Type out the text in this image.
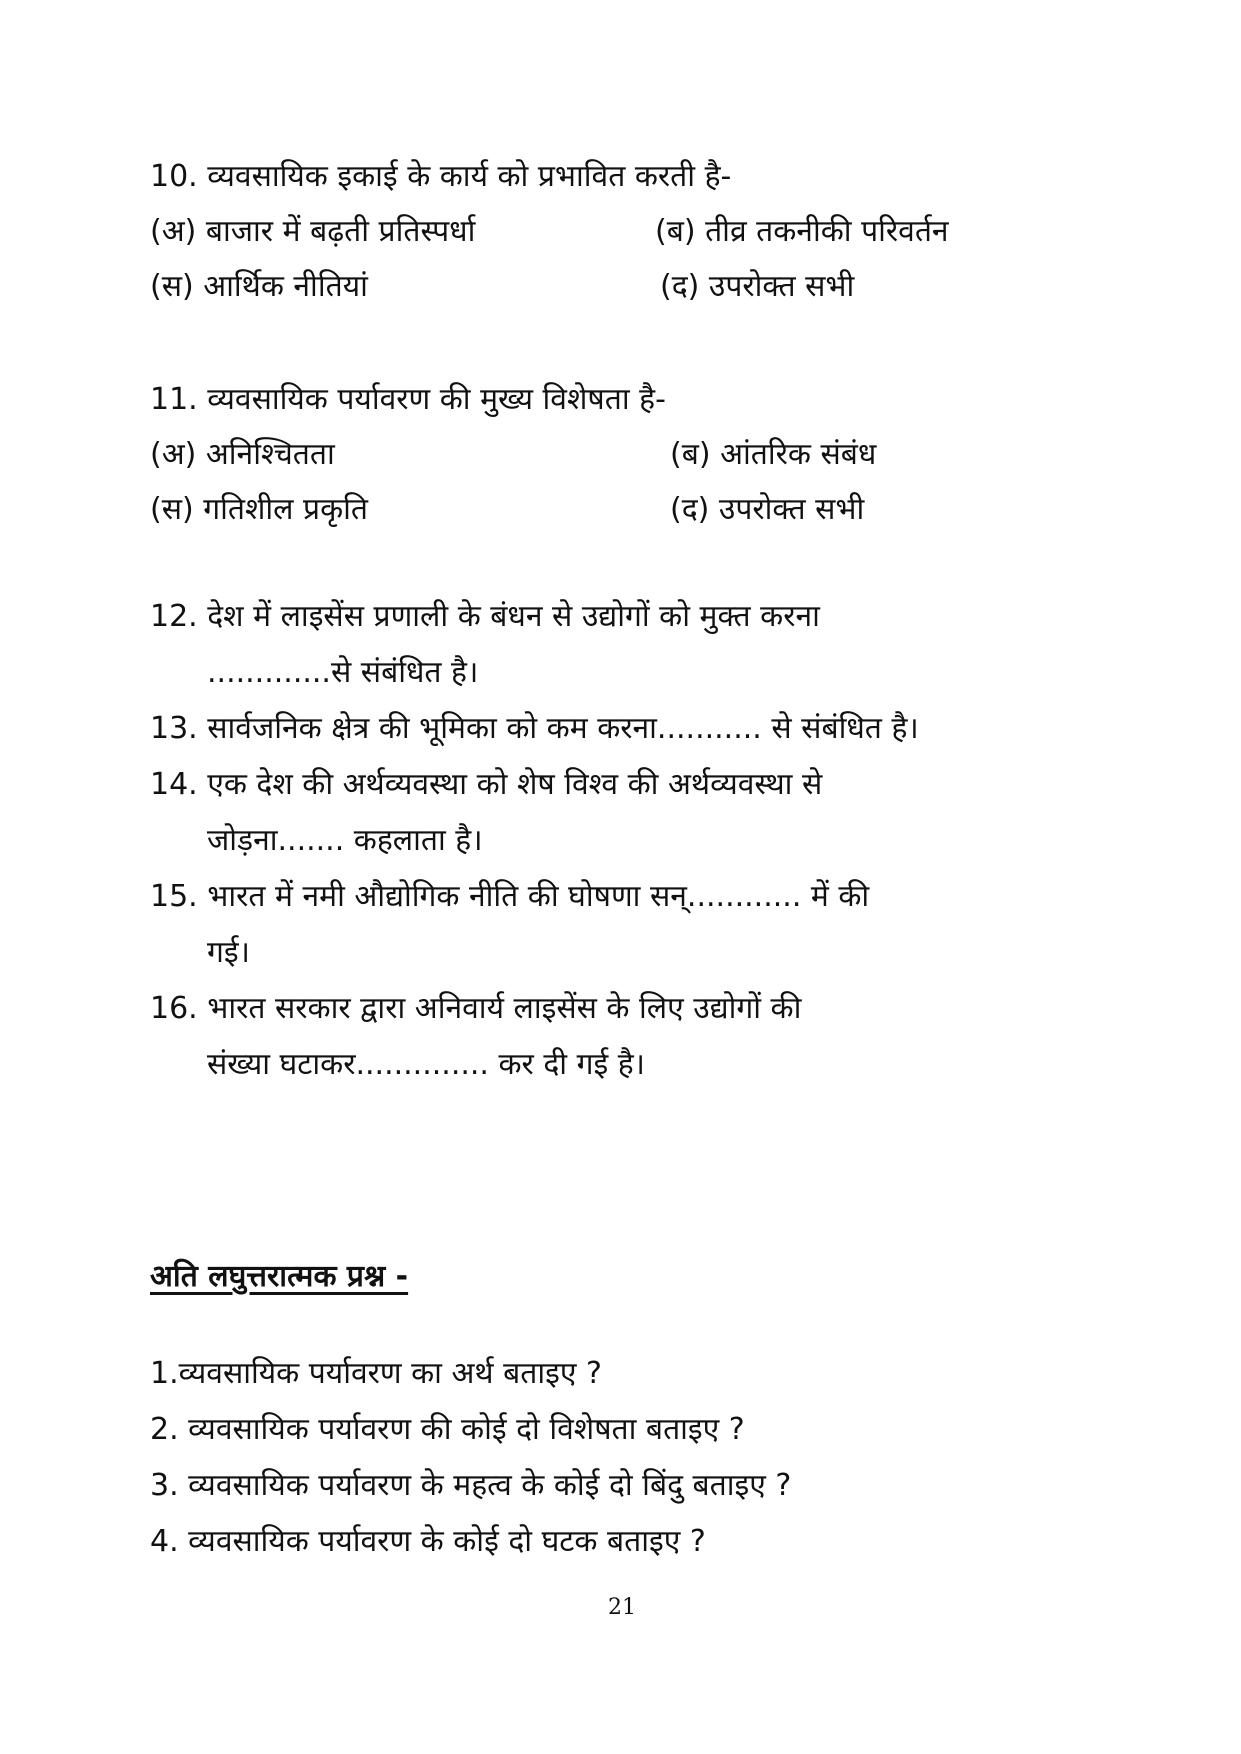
10. व्यवसायिक इकाई के कार्य को प्रभावित करती है-
(अ) बाजार में बढ़ती प्रतिस्पर्धा	(ब) तीव्र तकनीकी परिवर्तन
(स) आर्थिक नीतियां	(द) उपरोक्त सभी
11. व्यवसायिक पर्यावरण की मुख्य विशेषता है-
(अ) अनिश्चितता	(ब) आंतरिक संबंध
(स) गतिशील प्रकृति	(द) उपरोक्त सभी
12. देश में लाइसेंस प्रणाली के बंधन से उद्योगों को मुक्त करना
.............से संबंधित है।
13. सार्वजनिक क्षेत्र की भूमिका को कम करना........... से संबंधित है।
14. एक देश की अर्थव्यवस्था को शेष विश्व की अर्थव्यवस्था से
जोड़ना....... कहलाता है।
15. भारत में नमी औद्योगिक नीति की घोषणा सन्............ में की
गई।
16. भारत सरकार द्वारा अनिवार्य लाइसेंस के लिए उद्योगों की
संख्या घटाकर.............. कर दी गई है।
अति लघुत्तरात्मक प्रश्न -
1.व्यवसायिक पर्यावरण का अर्थ बताइए ?
2. व्यवसायिक पर्यावरण की कोई दो विशेषता बताइए ?
3. व्यवसायिक पर्यावरण के महत्व के कोई दो बिंदु बताइए ?
4. व्यवसायिक पर्यावरण के कोई दो घटक बताइए ?
21
